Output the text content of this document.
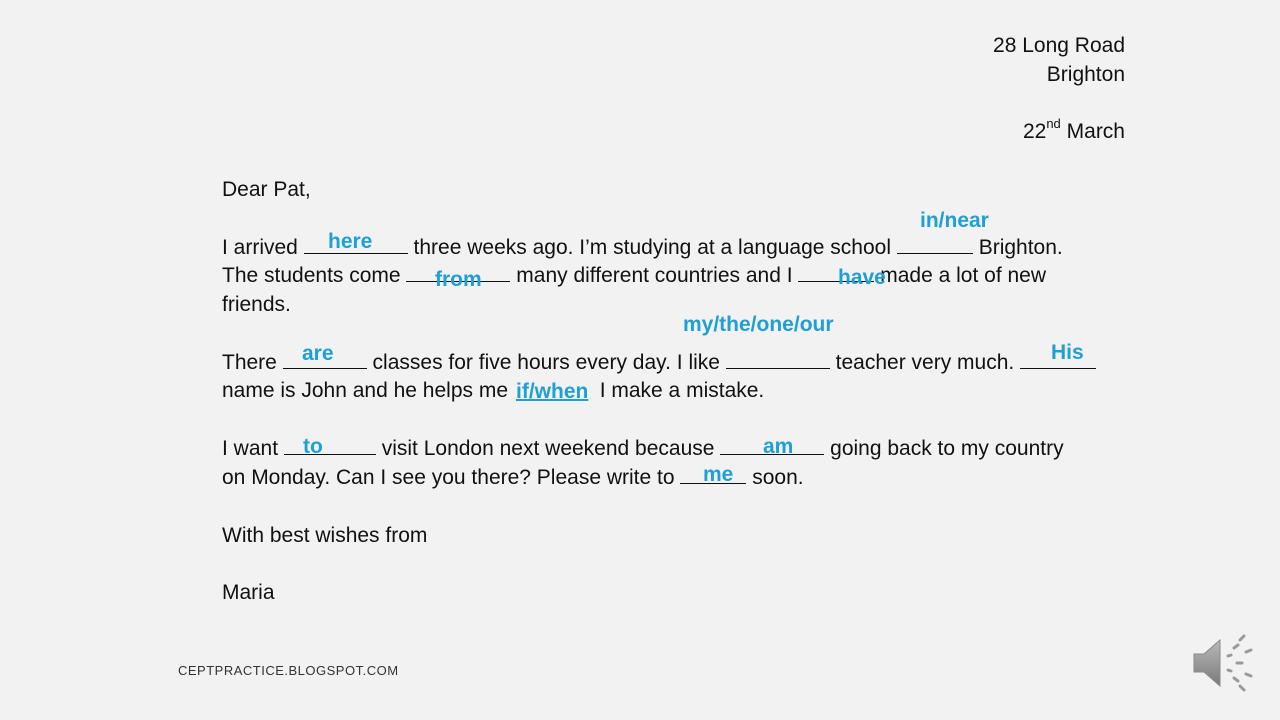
28 Long Road
Brighton
22nd March
Dear Pat,
I arrived	three weeks ago. I’m studying at a language school	Brighton.
The students come	many different countries and I	made a lot of new
friends.
There	classes for five hours every day. I like	teacher very much.
name is John and he helps me	I make a mistake.
I want	visit London next weekend because	going back to my country
on Monday. Can I see you there? Please write to	soon.
With best wishes from
Maria
here
in/near
from	have
my/the/one/our
are	His
if/when
to	am
me
CEPTPRACTICE.BLOGSPOT.COM
